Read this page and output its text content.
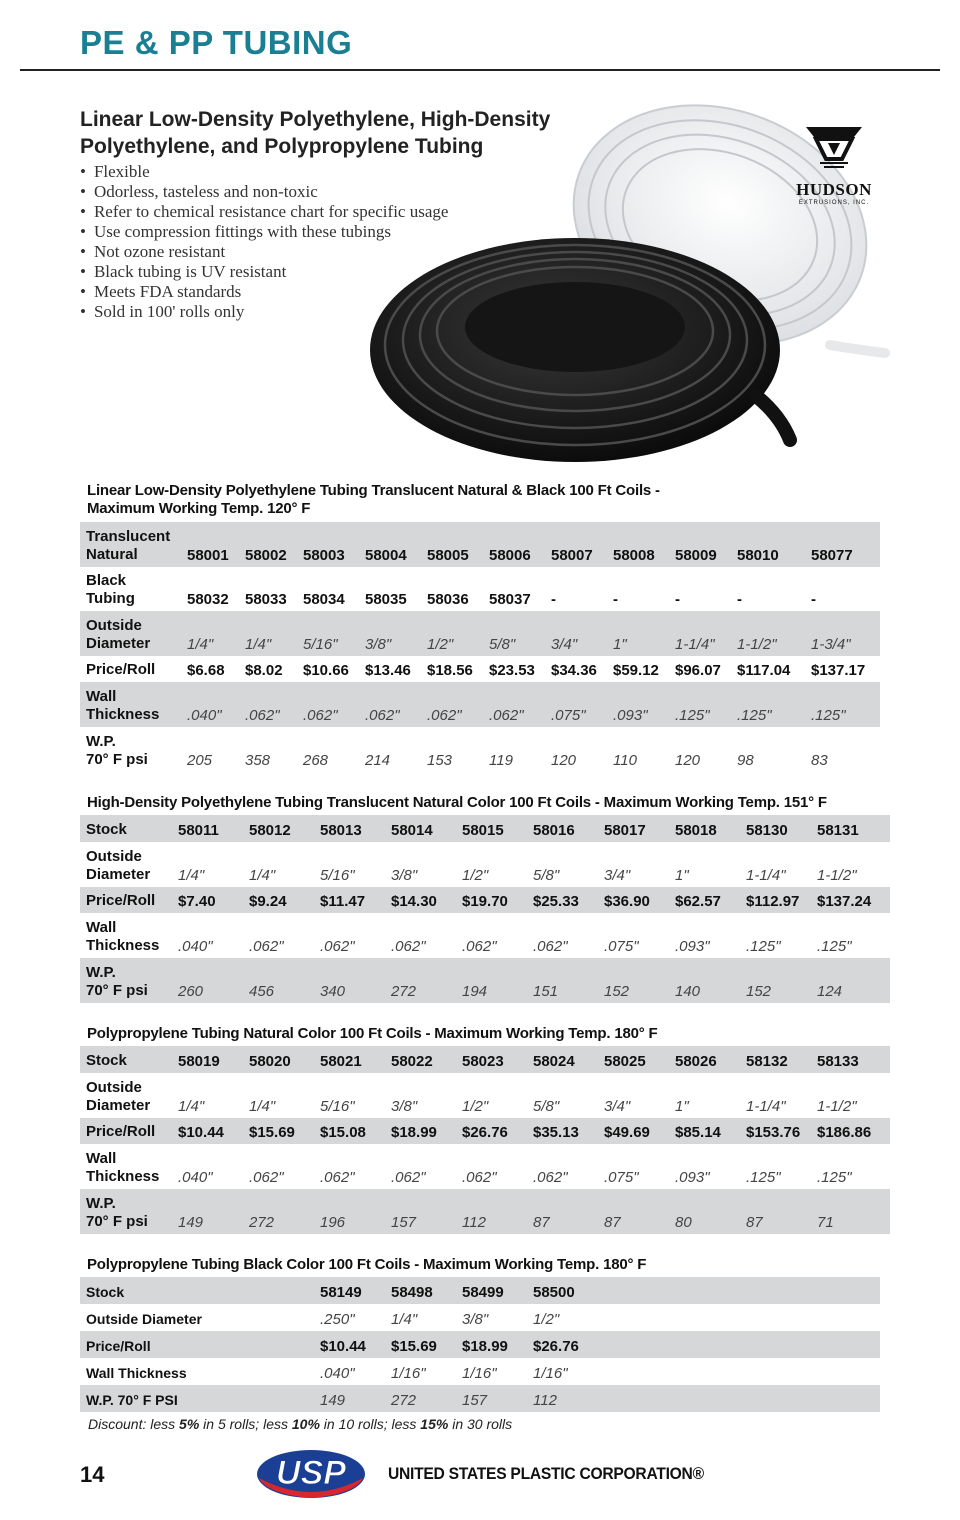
PE & PP TUBING
Linear Low-Density Polyethylene, High-Density
Polyethylene, and Polypropylene Tubing
• Flexible
• Odorless, tasteless and non-toxic
• Refer to chemical resistance chart for specific usage
• Use compression fittings with these tubings
• Not ozone resistant
• Black tubing is UV resistant
• Meets FDA standards
• Sold in 100' rolls only
HUDSON
EXTRUSIONS, INC.
Linear Low-Density Polyethylene Tubing Translucent Natural & Black 100 Ft Coils -
Maximum Working Temp. 120° F
Translucent
Natural	58001	58002	58003	58004	58005	58006	58007	58008	58009	58010	58077

Black
Tubing	58032	58033	58034	58035	58036	58037	-	-	-	-	-

Outside
Diameter	1/4"	1/4"	5/16"	3/8"	1/2"	5/8"	3/4"	1"	1-1/4"	1-1/2"	1-3/4"

Price/Roll	$6.68	$8.02	$10.66	$13.46	$18.56	$23.53	$34.36	$59.12	$96.07	$117.04	$137.17

Wall
Thickness	.040"	.062"	.062"	.062"	.062"	.062"	.075"	.093"	.125"	.125"	.125"

W.P.
70° F psi	205	358	268	214	153	119	120	110	120	98	83
High-Density Polyethylene Tubing Translucent Natural Color 100 Ft Coils - Maximum Working Temp. 151° F
Stock	58011	58012	58013	58014	58015	58016	58017	58018	58130	58131

Outside
Diameter	1/4"	1/4"	5/16"	3/8"	1/2"	5/8"	3/4"	1"	1-1/4"	1-1/2"

Price/Roll	$7.40	$9.24	$11.47	$14.30	$19.70	$25.33	$36.90	$62.57	$112.97	$137.24

Wall
Thickness	.040"	.062"	.062"	.062"	.062"	.062"	.075"	.093"	.125"	.125"

W.P.
70° F psi	260	456	340	272	194	151	152	140	152	124
Polypropylene Tubing Natural Color 100 Ft Coils - Maximum Working Temp. 180° F
Stock	58019	58020	58021	58022	58023	58024	58025	58026	58132	58133

Outside
Diameter	1/4"	1/4"	5/16"	3/8"	1/2"	5/8"	3/4"	1"	1-1/4"	1-1/2"

Price/Roll	$10.44	$15.69	$15.08	$18.99	$26.76	$35.13	$49.69	$85.14	$153.76	$186.86

Wall
Thickness	.040"	.062"	.062"	.062"	.062"	.062"	.075"	.093"	.125"	.125"

W.P.
70° F psi	149	272	196	157	112	87	87	80	87	71
Polypropylene Tubing Black Color 100 Ft Coils - Maximum Working Temp. 180° F
Stock	58149	58498	58499	58500	

Outside Diameter	.250"	1/4"	3/8"	1/2"	

Price/Roll	$10.44	$15.69	$18.99	$26.76	

Wall Thickness	.040"	1/16"	1/16"	1/16"	

W.P. 70° F PSI	149	272	157	112	
Discount: less 5% in 5 rolls; less 10% in 10 rolls; less 15% in 30 rolls
14	USP UNITED STATES PLASTIC CORPORATION®
